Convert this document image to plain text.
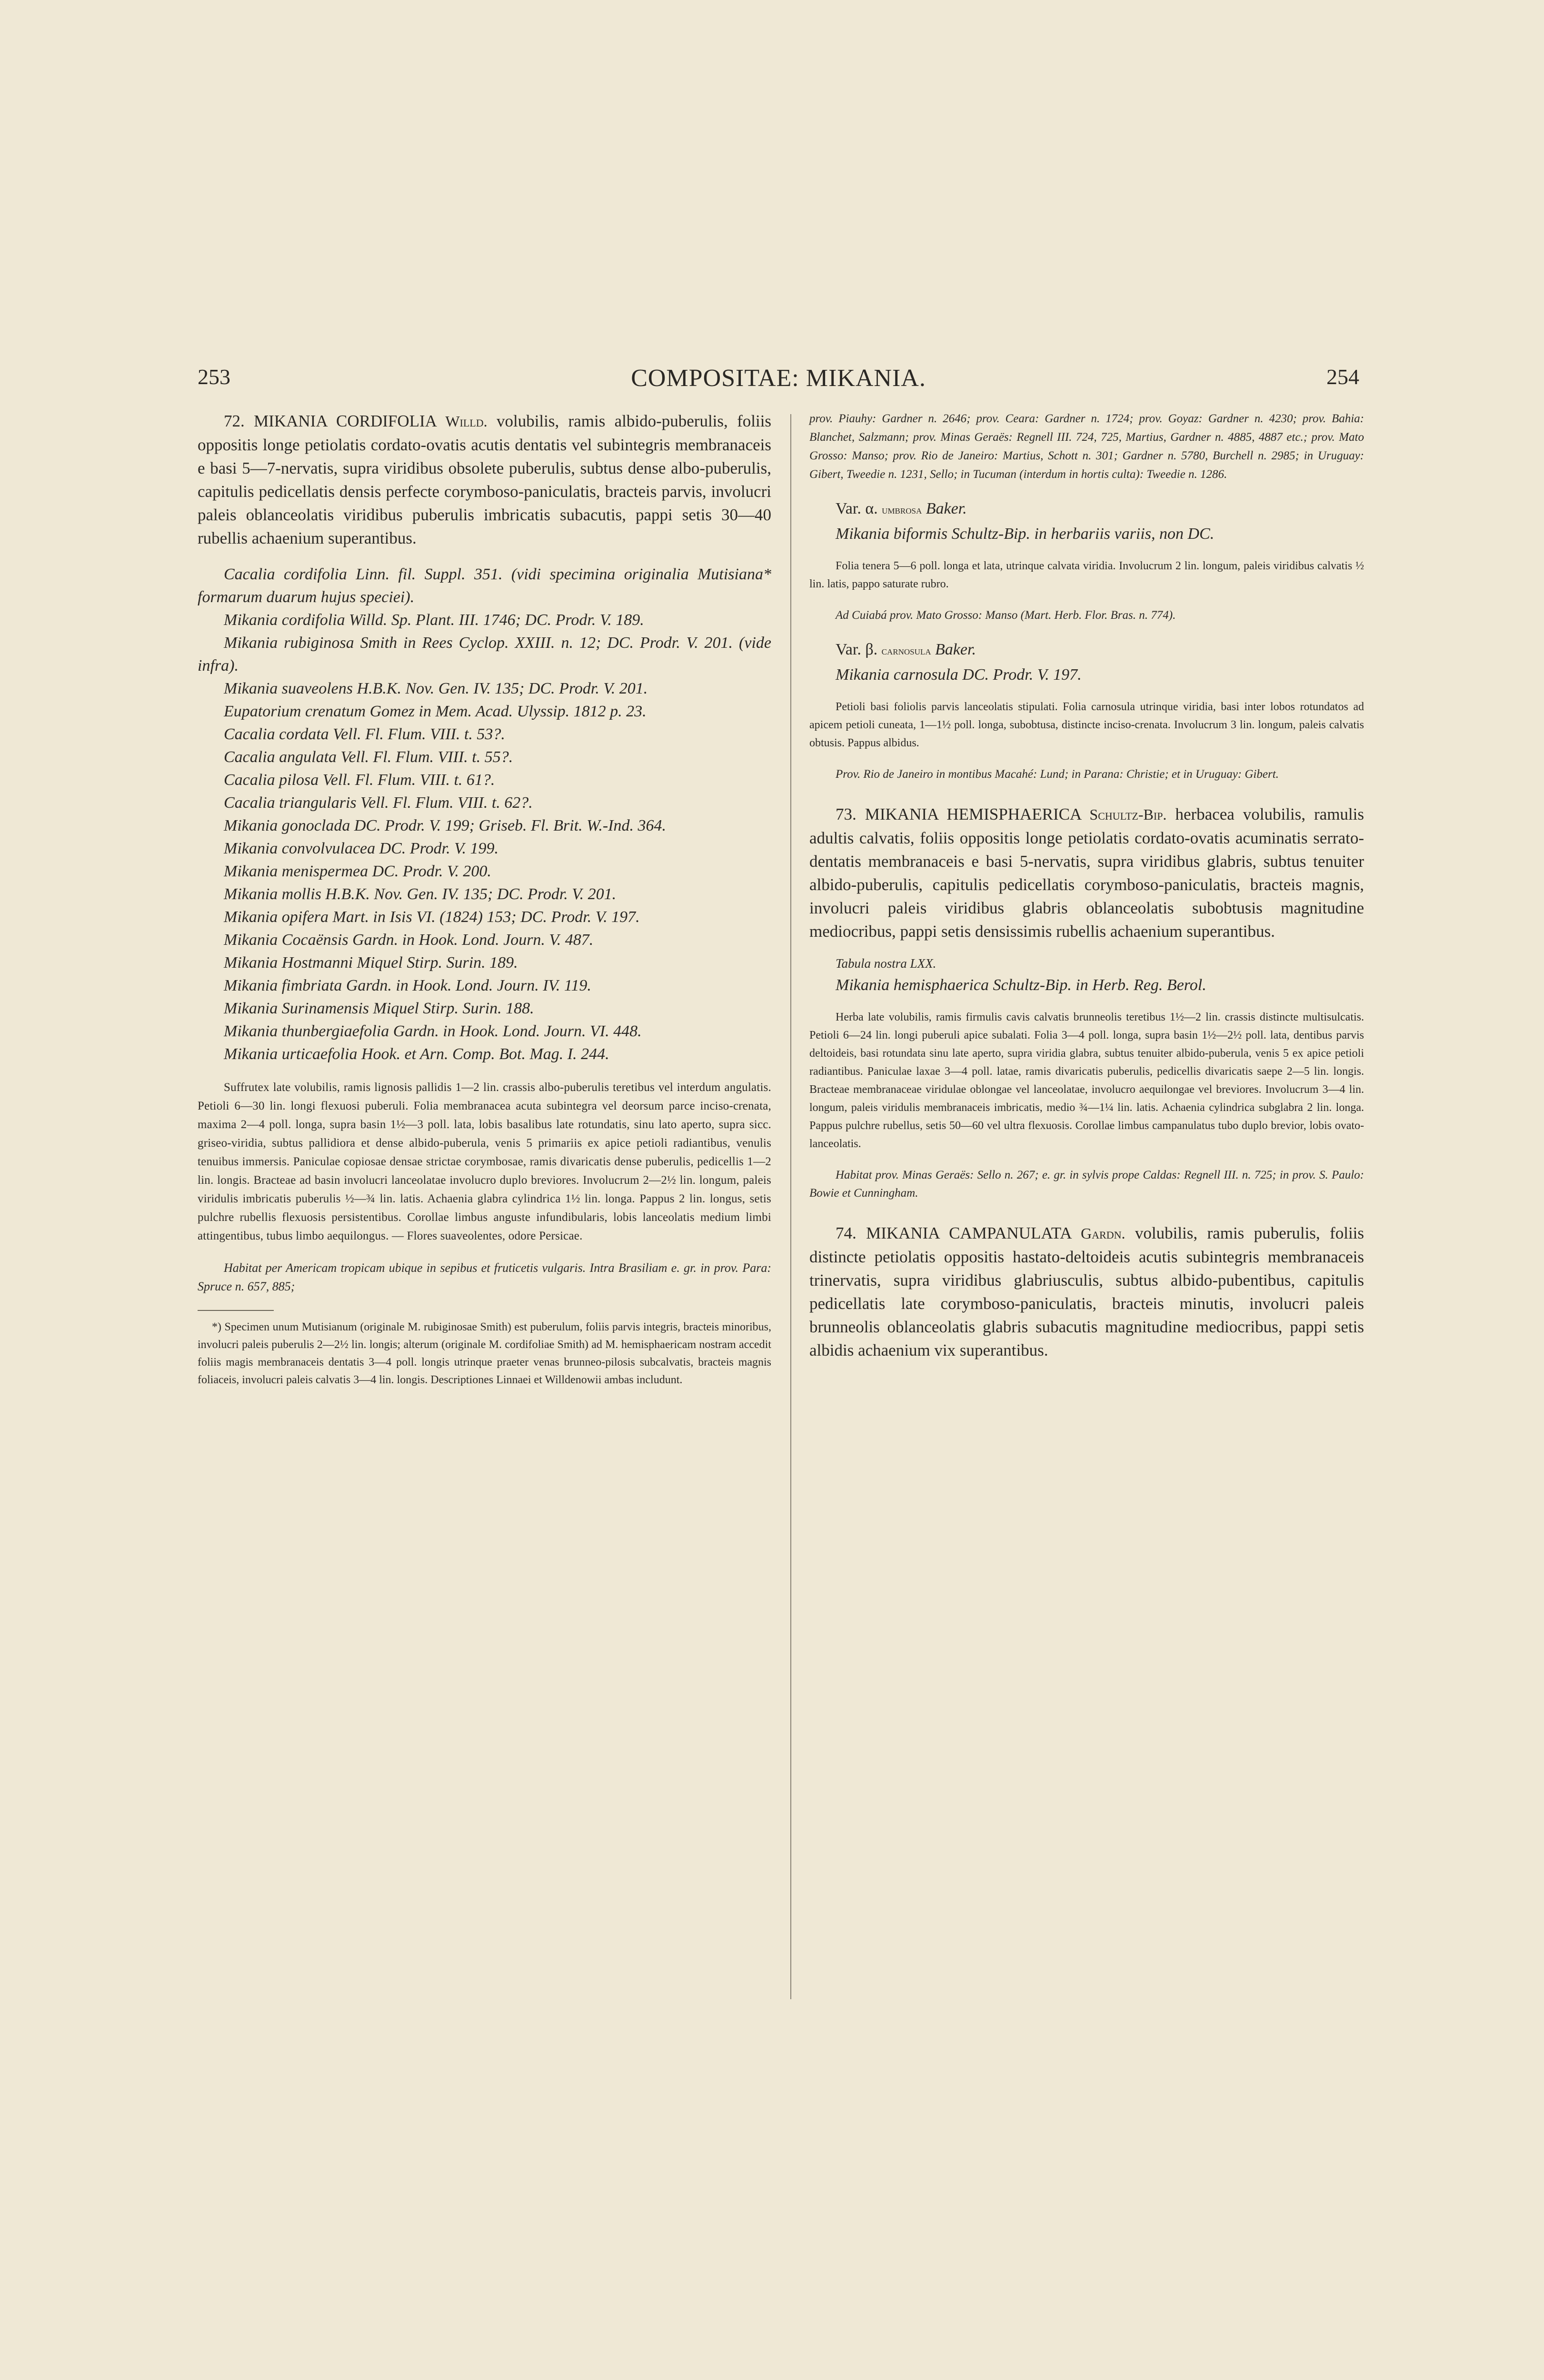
253	COMPOSITAE: MIKANIA.	254
72. MIKANIA CORDIFOLIA Willd. volubilis, ramis albido-puberulis, foliis oppositis longe petiolatis cordato-ovatis acutis dentatis vel subintegris membranaceis e basi 5—7-nervatis, supra viridibus obsolete puberulis, subtus dense albo-puberulis, capitulis pedicellatis densis perfecte corymboso-paniculatis, bracteis parvis, involucri paleis oblanceolatis viridibus puberulis imbricatis subacutis, pappi setis 30—40 rubellis achaenium superantibus.

Cacalia cordifolia Linn. fil. Suppl. 351. (vidi specimina originalia Mutisiana* formarum duarum hujus speciei).

Mikania cordifolia Willd. Sp. Plant. III. 1746; DC. Prodr. V. 189.

Mikania rubiginosa Smith in Rees Cyclop. XXIII. n. 12; DC. Prodr. V. 201. (vide infra).

Mikania suaveolens H.B.K. Nov. Gen. IV. 135; DC. Prodr. V. 201.

Eupatorium crenatum Gomez in Mem. Acad. Ulyssip. 1812 p. 23.

Cacalia cordata Vell. Fl. Flum. VIII. t. 53?.

Cacalia angulata Vell. Fl. Flum. VIII. t. 55?.

Cacalia pilosa Vell. Fl. Flum. VIII. t. 61?.

Cacalia triangularis Vell. Fl. Flum. VIII. t. 62?.

Mikania gonoclada DC. Prodr. V. 199; Griseb. Fl. Brit. W.-Ind. 364.

Mikania convolvulacea DC. Prodr. V. 199.

Mikania menispermea DC. Prodr. V. 200.

Mikania mollis H.B.K. Nov. Gen. IV. 135; DC. Prodr. V. 201.

Mikania opifera Mart. in Isis VI. (1824) 153; DC. Prodr. V. 197.

Mikania Cocaënsis Gardn. in Hook. Lond. Journ. V. 487.

Mikania Hostmanni Miquel Stirp. Surin. 189.

Mikania fimbriata Gardn. in Hook. Lond. Journ. IV. 119.

Mikania Surinamensis Miquel Stirp. Surin. 188.

Mikania thunbergiaefolia Gardn. in Hook. Lond. Journ. VI. 448.

Mikania urticaefolia Hook. et Arn. Comp. Bot. Mag. I. 244.

Suffrutex late volubilis, ramis lignosis pallidis 1—2 lin. crassis albo-puberulis teretibus vel interdum angulatis. Petioli 6—30 lin. longi flexuosi puberuli. Folia membranacea acuta subintegra vel deorsum parce inciso-crenata, maxima 2—4 poll. longa, supra basin 1½—3 poll. lata, lobis basalibus late rotundatis, sinu lato aperto, supra sicc. griseo-viridia, subtus pallidiora et dense albido-puberula, venis 5 primariis ex apice petioli radiantibus, venulis tenuibus immersis. Paniculae copiosae densae strictae corymbosae, ramis divaricatis dense puberulis, pedicellis 1—2 lin. longis. Bracteae ad basin involucri lanceolatae involucro duplo breviores. Involucrum 2—2½ lin. longum, paleis viridulis imbricatis puberulis ½—¾ lin. latis. Achaenia glabra cylindrica 1½ lin. longa. Pappus 2 lin. longus, setis pulchre rubellis flexuosis persistentibus. Corollae limbus anguste infundibularis, lobis lanceolatis medium limbi attingentibus, tubus limbo aequilongus. — Flores suaveolentes, odore Persicae.

Habitat per Americam tropicam ubique in sepibus et fruticetis vulgaris. Intra Brasiliam e. gr. in prov. Para: Spruce n. 657, 885;

*) Specimen unum Mutisianum (originale M. rubiginosae Smith) est puberulum, foliis parvis integris, bracteis minoribus, involucri paleis puberulis 2—2½ lin. longis; alterum (originale M. cordifoliae Smith) ad M. hemisphaericam nostram accedit foliis magis membranaceis dentatis 3—4 poll. longis utrinque praeter venas brunneo-pilosis subcalvatis, bracteis magnis foliaceis, involucri paleis calvatis 3—4 lin. longis. Descriptiones Linnaei et Willdenowii ambas includunt.

prov. Piauhy: Gardner n. 2646; prov. Ceara: Gardner n. 1724; prov. Goyaz: Gardner n. 4230; prov. Bahia: Blanchet, Salzmann; prov. Minas Geraës: Regnell III. 724, 725, Martius, Gardner n. 4885, 4887 etc.; prov. Mato Grosso: Manso; prov. Rio de Janeiro: Martius, Schott n. 301; Gardner n. 5780, Burchell n. 2985; in Uruguay: Gibert, Tweedie n. 1231, Sello; in Tucuman (interdum in hortis culta): Tweedie n. 1286.

Var. α. umbrosa Baker.

Mikania biformis Schultz-Bip. in herbariis variis, non DC.

Folia tenera 5—6 poll. longa et lata, utrinque calvata viridia. Involucrum 2 lin. longum, paleis viridibus calvatis ½ lin. latis, pappo saturate rubro.

Ad Cuiabá prov. Mato Grosso: Manso (Mart. Herb. Flor. Bras. n. 774).

Var. β. carnosula Baker.

Mikania carnosula DC. Prodr. V. 197.

Petioli basi foliolis parvis lanceolatis stipulati. Folia carnosula utrinque viridia, basi inter lobos rotundatos ad apicem petioli cuneata, 1—1½ poll. longa, subobtusa, distincte inciso-crenata. Involucrum 3 lin. longum, paleis calvatis obtusis. Pappus albidus.

Prov. Rio de Janeiro in montibus Macahé: Lund; in Parana: Christie; et in Uruguay: Gibert.

73. MIKANIA HEMISPHAERICA Schultz-Bip. herbacea volubilis, ramulis adultis calvatis, foliis oppositis longe petiolatis cordato-ovatis acuminatis serrato-dentatis membranaceis e basi 5-nervatis, supra viridibus glabris, subtus tenuiter albido-puberulis, capitulis pedicellatis corymboso-paniculatis, bracteis magnis, involucri paleis viridibus glabris oblanceolatis subobtusis magnitudine mediocribus, pappi setis densissimis rubellis achaenium superantibus.

Tabula nostra LXX.

Mikania hemisphaerica Schultz-Bip. in Herb. Reg. Berol.

Herba late volubilis, ramis firmulis cavis calvatis brunneolis teretibus 1½—2 lin. crassis distincte multisulcatis. Petioli 6—24 lin. longi puberuli apice subalati. Folia 3—4 poll. longa, supra basin 1½—2½ poll. lata, dentibus parvis deltoideis, basi rotundata sinu late aperto, supra viridia glabra, subtus tenuiter albido-puberula, venis 5 ex apice petioli radiantibus. Paniculae laxae 3—4 poll. latae, ramis divaricatis puberulis, pedicellis divaricatis saepe 2—5 lin. longis. Bracteae membranaceae viridulae oblongae vel lanceolatae, involucro aequilongae vel breviores. Involucrum 3—4 lin. longum, paleis viridulis membranaceis imbricatis, medio ¾—1¼ lin. latis. Achaenia cylindrica subglabra 2 lin. longa. Pappus pulchre rubellus, setis 50—60 vel ultra flexuosis. Corollae limbus campanulatus tubo duplo brevior, lobis ovato-lanceolatis.

Habitat prov. Minas Geraës: Sello n. 267; e. gr. in sylvis prope Caldas: Regnell III. n. 725; in prov. S. Paulo: Bowie et Cunningham.

74. MIKANIA CAMPANULATA Gardn. volubilis, ramis puberulis, foliis distincte petiolatis oppositis hastato-deltoideis acutis subintegris membranaceis trinervatis, supra viridibus glabriusculis, subtus albido-pubentibus, capitulis pedicellatis late corymboso-paniculatis, bracteis minutis, involucri paleis brunneolis oblanceolatis glabris subacutis magnitudine mediocribus, pappi setis albidis achaenium vix superantibus.
